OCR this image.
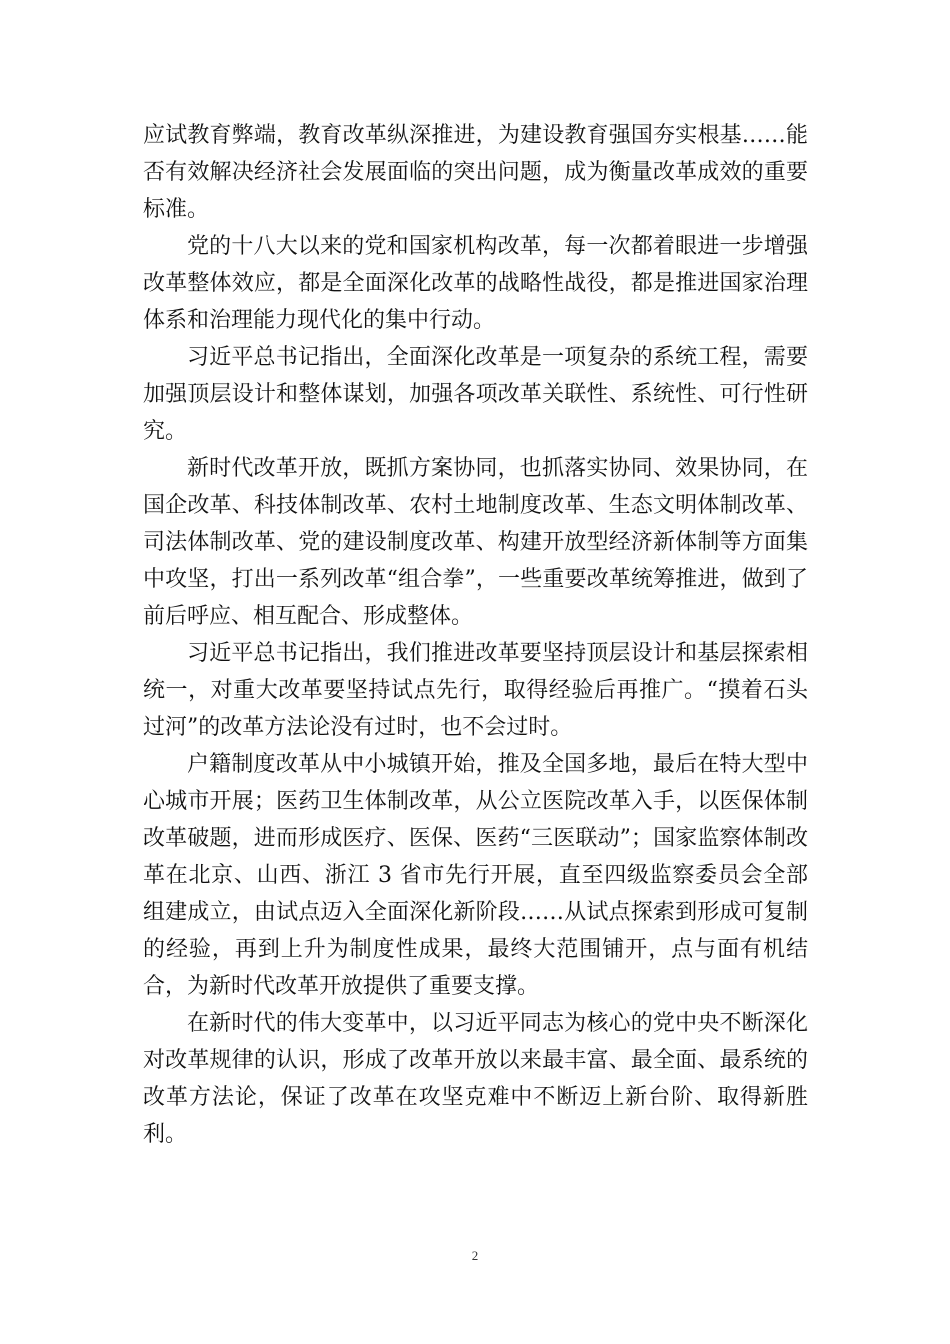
应试教育弊端，教育改革纵深推进，为建设教育强国夯实根基……能否有效解决经济社会发展面临的突出问题，成为衡量改革成效的重要标准。

党的十八大以来的党和国家机构改革，每一次都着眼进一步增强改革整体效应，都是全面深化改革的战略性战役，都是推进国家治理体系和治理能力现代化的集中行动。

习近平总书记指出，全面深化改革是一项复杂的系统工程，需要加强顶层设计和整体谋划，加强各项改革关联性、系统性、可行性研究。

新时代改革开放，既抓方案协同，也抓落实协同、效果协同，在国企改革、科技体制改革、农村土地制度改革、生态文明体制改革、司法体制改革、党的建设制度改革、构建开放型经济新体制等方面集中攻坚，打出一系列改革“组合拳”，一些重要改革统筹推进，做到了前后呼应、相互配合、形成整体。

习近平总书记指出，我们推进改革要坚持顶层设计和基层探索相统一，对重大改革要坚持试点先行，取得经验后再推广。“摸着石头过河”的改革方法论没有过时，也不会过时。

户籍制度改革从中小城镇开始，推及全国多地，最后在特大型中心城市开展；医药卫生体制改革，从公立医院改革入手，以医保体制改革破题，进而形成医疗、医保、医药“三医联动”；国家监察体制改革在北京、山西、浙江 3 省市先行开展，直至四级监察委员会全部组建成立，由试点迈入全面深化新阶段……从试点探索到形成可复制的经验，再到上升为制度性成果，最终大范围铺开，点与面有机结合，为新时代改革开放提供了重要支撑。

在新时代的伟大变革中，以习近平同志为核心的党中央不断深化对改革规律的认识，形成了改革开放以来最丰富、最全面、最系统的改革方法论，保证了改革在攻坚克难中不断迈上新台阶、取得新胜利。

2
